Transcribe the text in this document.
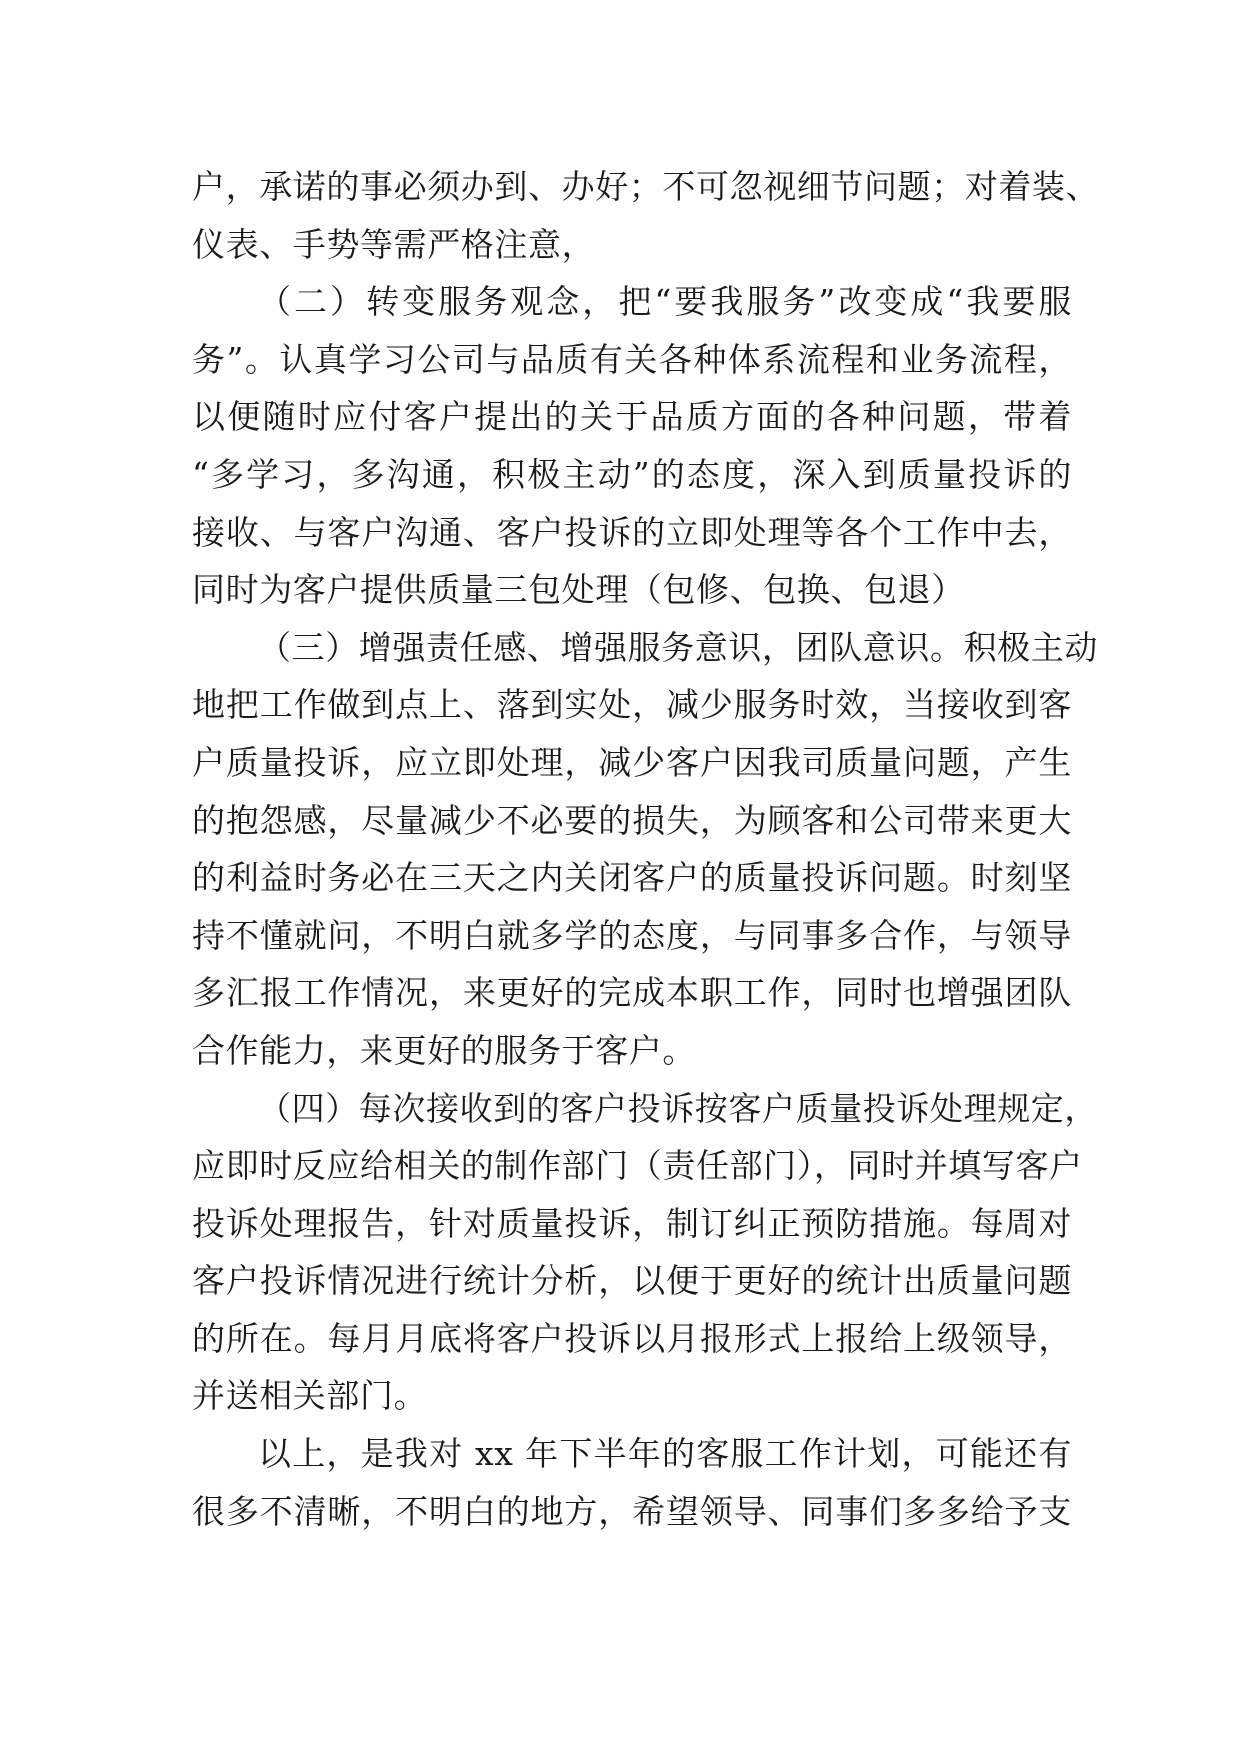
户，承诺的事必须办到、办好；不可忽视细节问题；对着装、
仪表、手势等需严格注意，
（二）转变服务观念，把“要我服务”改变成“我要服
务”。认真学习公司与品质有关各种体系流程和业务流程，
以便随时应付客户提出的关于品质方面的各种问题，带着
“多学习，多沟通，积极主动”的态度，深入到质量投诉的
接收、与客户沟通、客户投诉的立即处理等各个工作中去，
同时为客户提供质量三包处理（包修、包换、包退）
（三）增强责任感、增强服务意识，团队意识。积极主动
地把工作做到点上、落到实处，减少服务时效，当接收到客
户质量投诉，应立即处理，减少客户因我司质量问题，产生
的抱怨感，尽量减少不必要的损失，为顾客和公司带来更大
的利益时务必在三天之内关闭客户的质量投诉问题。时刻坚
持不懂就问，不明白就多学的态度，与同事多合作，与领导
多汇报工作情况，来更好的完成本职工作，同时也增强团队
合作能力，来更好的服务于客户。
（四）每次接收到的客户投诉按客户质量投诉处理规定，
应即时反应给相关的制作部门（责任部门），同时并填写客户
投诉处理报告，针对质量投诉，制订纠正预防措施。每周对
客户投诉情况进行统计分析，以便于更好的统计出质量问题
的所在。每月月底将客户投诉以月报形式上报给上级领导，
并送相关部门。
以上，是我对 xx 年下半年的客服工作计划，可能还有
很多不清晰，不明白的地方，希望领导、同事们多多给予支
